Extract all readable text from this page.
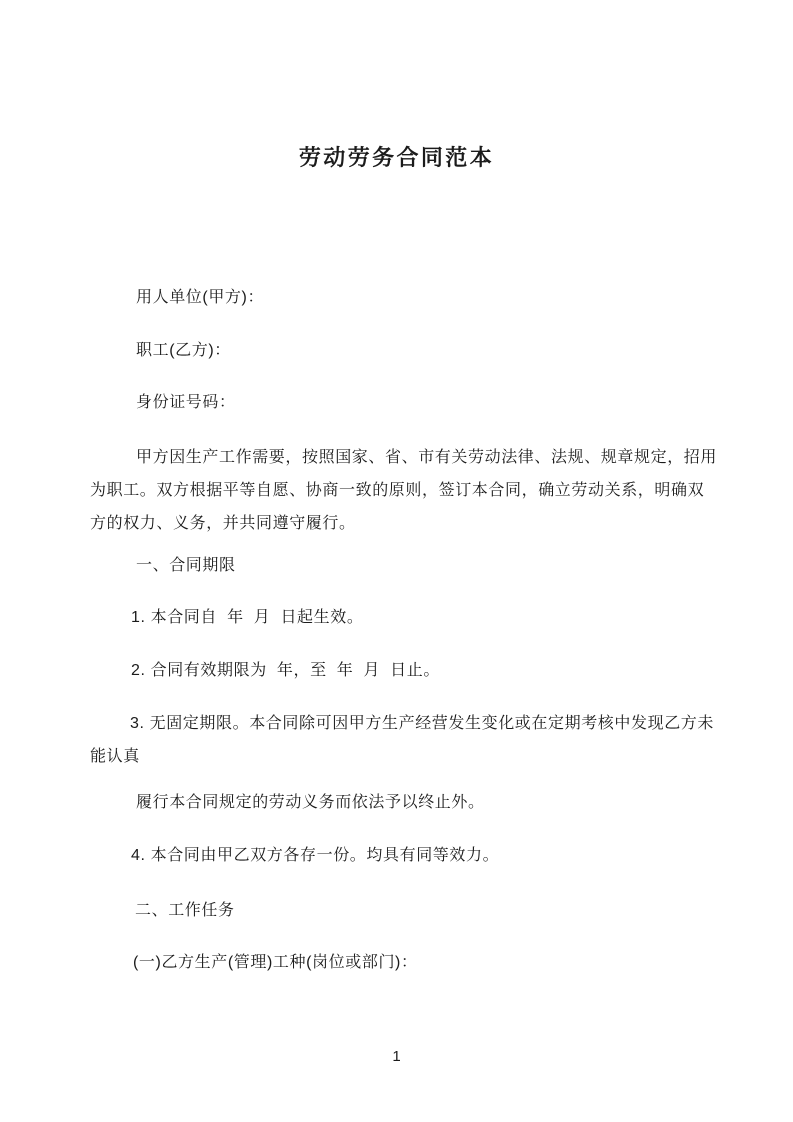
劳动劳务合同范本
用人单位(甲方)：
职工(乙方)：
身份证号码：
甲方因生产工作需要，按照国家、省、市有关劳动法律、法规、规章规定，招用
为职工。双方根据平等自愿、协商一致的原则，签订本合同，确立劳动关系，明确双
方的权力、义务，并共同遵守履行。
一、合同期限
1. 本合同自  年  月  日起生效。
2. 合同有效期限为  年，至  年  月  日止。
3. 无固定期限。本合同除可因甲方生产经营发生变化或在定期考核中发现乙方未
能认真
履行本合同规定的劳动义务而依法予以终止外。
4. 本合同由甲乙双方各存一份。均具有同等效力。
二、工作任务
(一)乙方生产(管理)工种(岗位或部门)：
1
